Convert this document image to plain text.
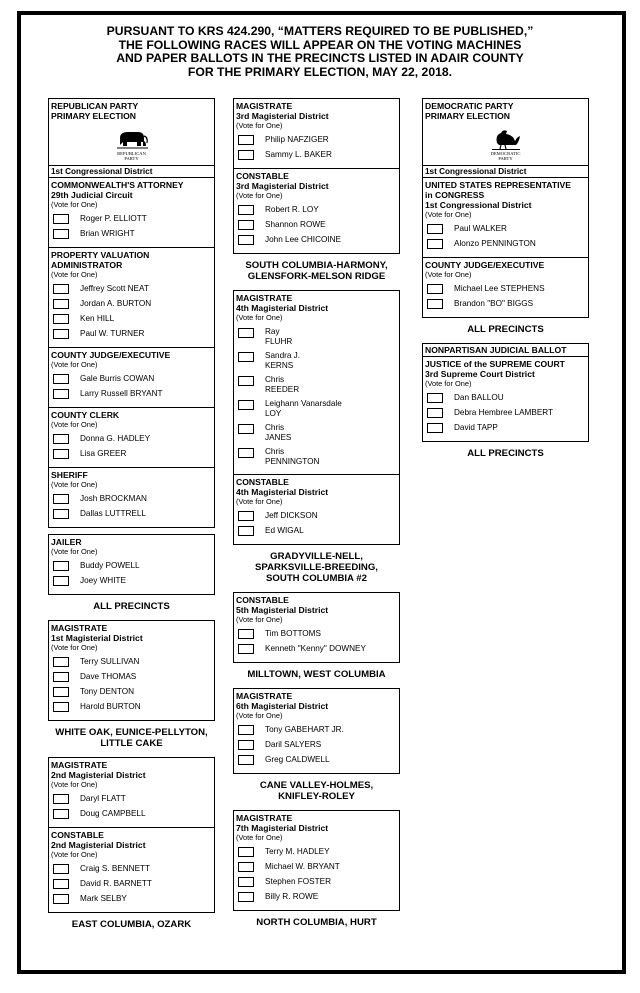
PURSUANT TO KRS 424.290, “MATTERS REQUIRED TO BE PUBLISHED,”
THE FOLLOWING RACES WILL APPEAR ON THE VOTING MACHINES
AND PAPER BALLOTS IN THE PRECINCTS LISTED IN ADAIR COUNTY
FOR THE PRIMARY ELECTION, MAY 22, 2018.
REPUBLICAN PARTY
PRIMARY ELECTION
REPUBLICAN
PARTY
1st Congressional District
COMMONWEALTH'S ATTORNEY
29th Judicial Circuit
(Vote for One)
Roger P. ELLIOTT
Brian WRIGHT
PROPERTY VALUATION
ADMINISTRATOR
(Vote for One)
Jeffrey Scott NEAT
Jordan A. BURTON
Ken HILL
Paul W. TURNER
COUNTY JUDGE/EXECUTIVE
(Vote for One)
Gale Burris COWAN
Larry Russell BRYANT
COUNTY CLERK
(Vote for One)
Donna G. HADLEY
Lisa GREER
SHERIFF
(Vote for One)
Josh BROCKMAN
Dallas LUTTRELL
JAILER
(Vote for One)
Buddy POWELL
Joey WHITE
ALL PRECINCTS
MAGISTRATE
1st Magisterial District
(Vote for One)
Terry SULLIVAN
Dave THOMAS
Tony DENTON
Harold BURTON
WHITE OAK, EUNICE-PELLYTON,
LITTLE CAKE
MAGISTRATE
2nd Magisterial District
(Vote for One)
Daryl FLATT
Doug CAMPBELL
CONSTABLE
2nd Magisterial District
(Vote for One)
Craig S. BENNETT
David R. BARNETT
Mark SELBY
EAST COLUMBIA, OZARK
MAGISTRATE
3rd Magisterial District
(Vote for One)
Philip NAFZIGER
Sammy L. BAKER
CONSTABLE
3rd Magisterial District
(Vote for One)
Robert R. LOY
Shannon ROWE
John Lee CHICOINE
SOUTH COLUMBIA-HARMONY,
GLENSFORK-MELSON RIDGE
MAGISTRATE
4th Magisterial District
(Vote for One)
Ray
FLUHR
Sandra J.
KERNS
Chris
REEDER
Leighann Vanarsdale
LOY
Chris
JANES
Chris
PENNINGTON
CONSTABLE
4th Magisterial District
(Vote for One)
Jeff DICKSON
Ed WIGAL
GRADYVILLE-NELL,
SPARKSVILLE-BREEDING,
SOUTH COLUMBIA #2
CONSTABLE
5th Magisterial District
(Vote for One)
Tim BOTTOMS
Kenneth "Kenny" DOWNEY
MILLTOWN, WEST COLUMBIA
MAGISTRATE
6th Magisterial District
(Vote for One)
Tony GABEHART JR.
Daril SALYERS
Greg CALDWELL
CANE VALLEY-HOLMES,
KNIFLEY-ROLEY
MAGISTRATE
7th Magisterial District
(Vote for One)
Terry M. HADLEY
Michael W. BRYANT
Stephen FOSTER
Billy R. ROWE
NORTH COLUMBIA, HURT
DEMOCRATIC PARTY
PRIMARY ELECTION
DEMOCRATIC
PARTY
1st Congressional District
UNITED STATES REPRESENTATIVE
in CONGRESS
1st Congressional District
(Vote for One)
Paul WALKER
Alonzo PENNINGTON
COUNTY JUDGE/EXECUTIVE
(Vote for One)
Michael Lee STEPHENS
Brandon "BO" BIGGS
ALL PRECINCTS
NONPARTISAN JUDICIAL BALLOT
JUSTICE of the SUPREME COURT
3rd Supreme Court District
(Vote for One)
Dan BALLOU
Debra Hembree LAMBERT
David TAPP
ALL PRECINCTS
